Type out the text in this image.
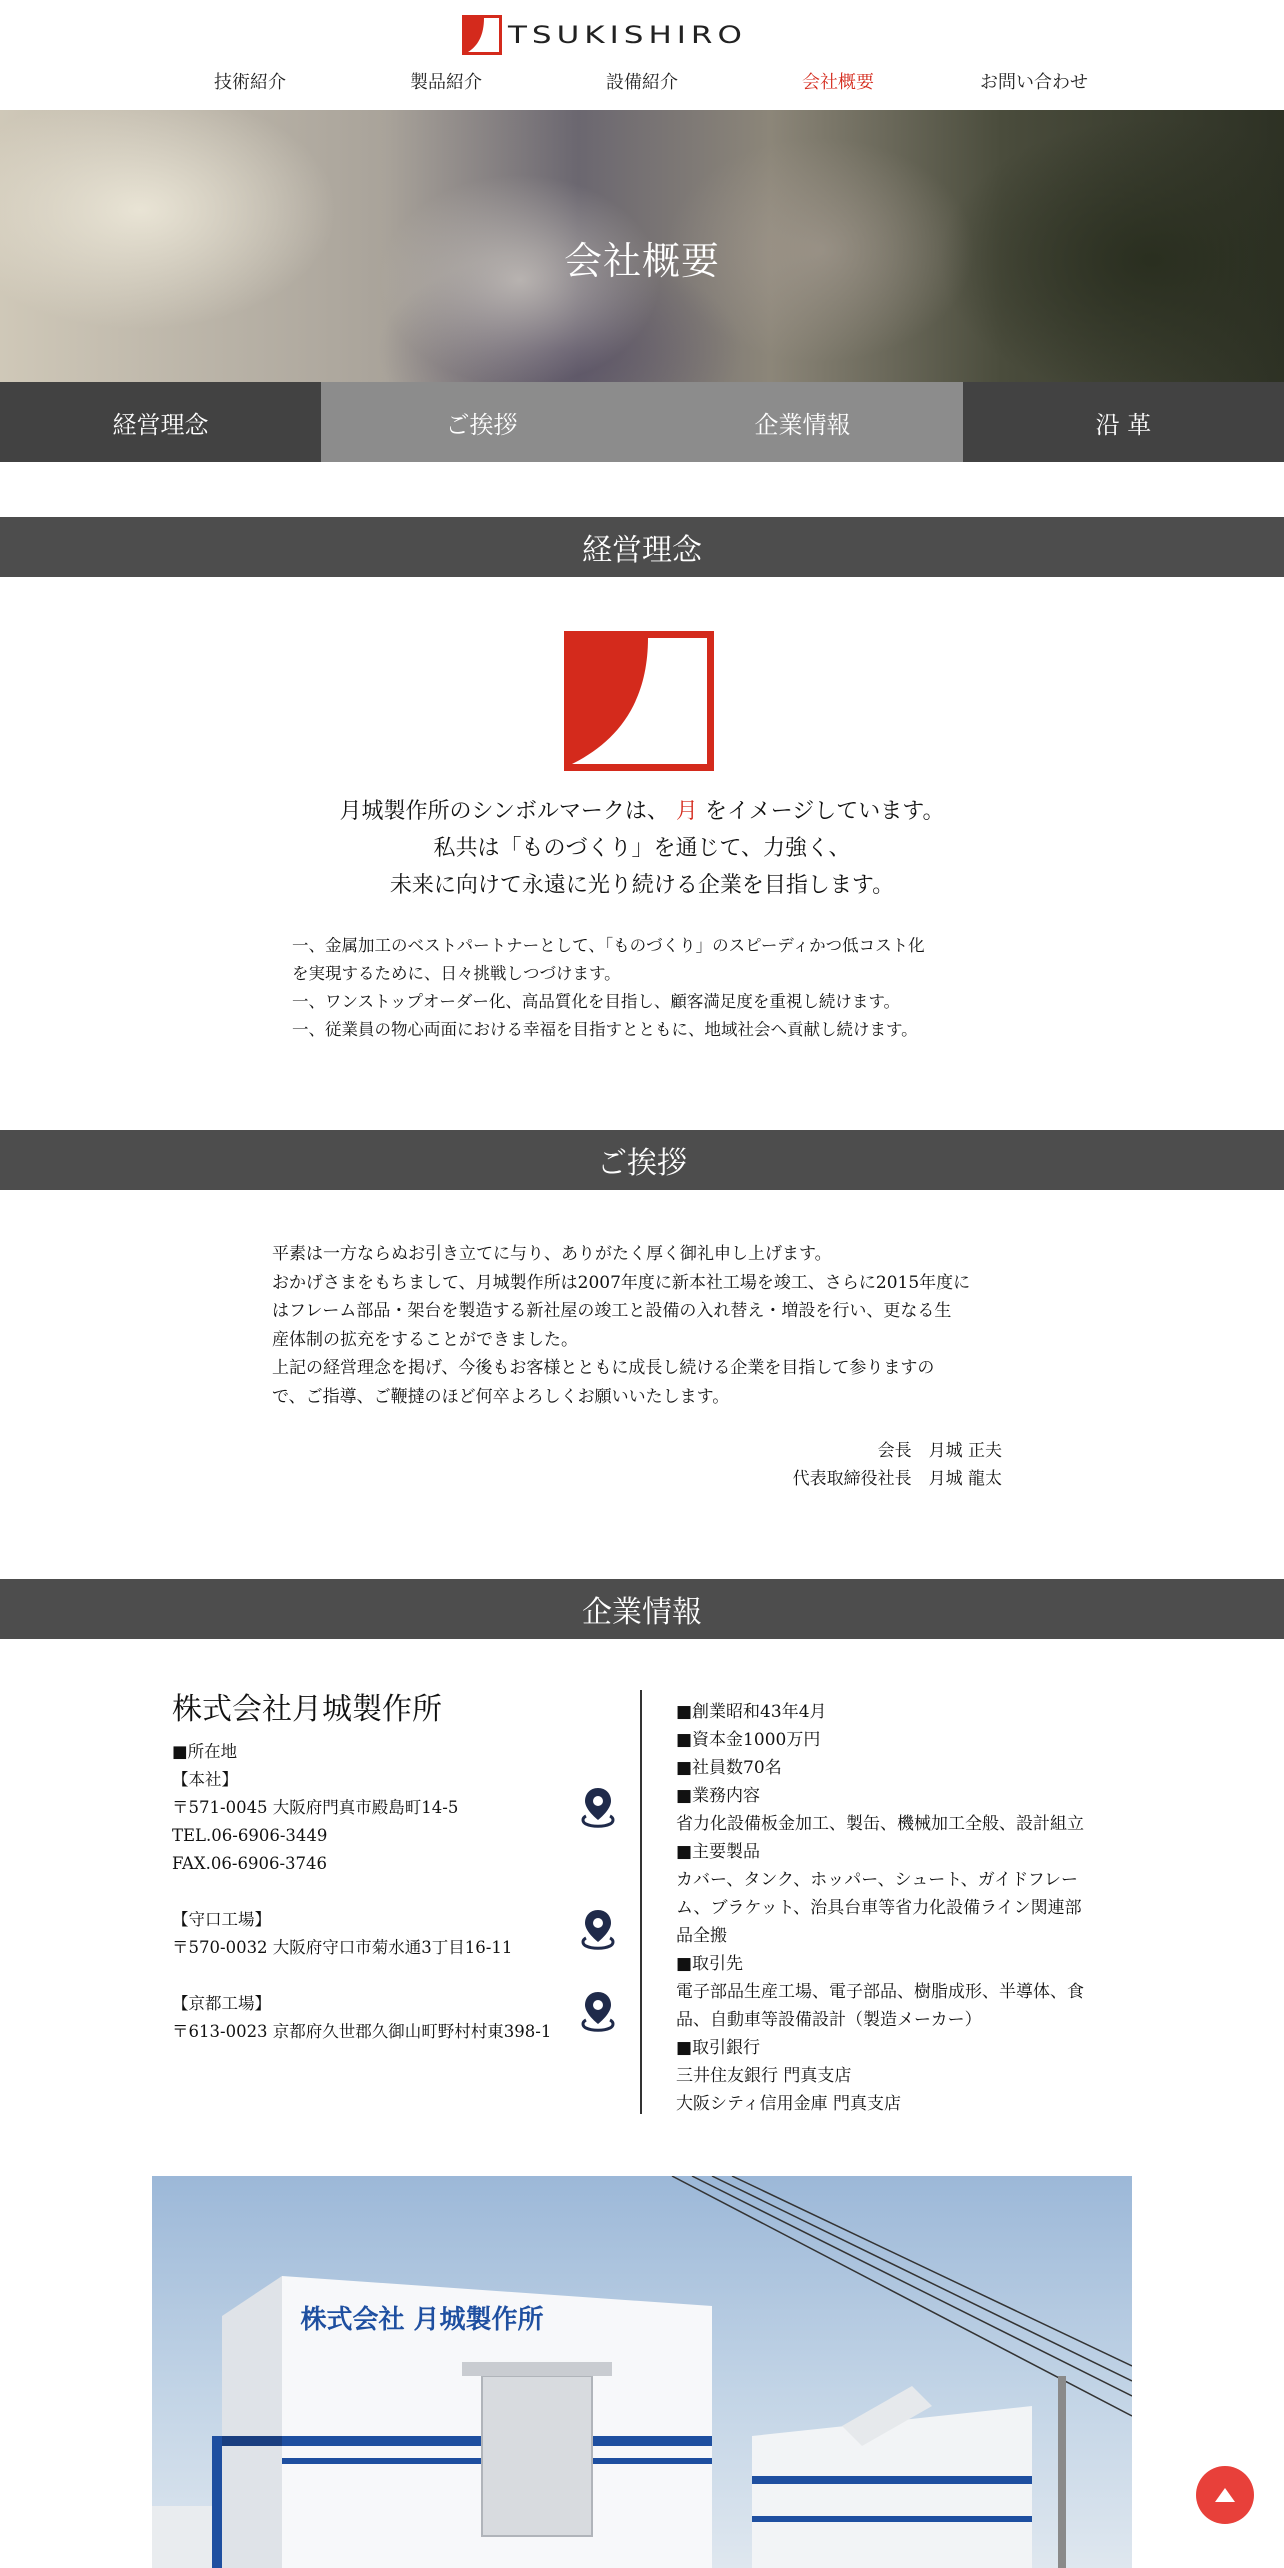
TSUKISHIRO
技術紹介	製品紹介	設備紹介	会社概要	お問い合わせ
会社概要
経営理念	ご挨拶	企業情報	沿 革
経営理念
月城製作所のシンボルマークは、 月 をイメージしています。
私共は「ものづくり」を通じて、力強く、
未来に向けて永遠に光り続ける企業を目指します。
一、金属加工のベストパートナーとして、「ものづくり」のスピーディかつ低コスト化
を実現するために、日々挑戦しつづけます。
一、ワンストップオーダー化、高品質化を目指し、顧客満足度を重視し続けます。
一、従業員の物心両面における幸福を目指すとともに、地域社会へ貢献し続けます。
ご挨拶
平素は一方ならぬお引き立てに与り、ありがたく厚く御礼申し上げます。
おかげさまをもちまして、月城製作所は2007年度に新本社工場を竣工、さらに2015年度に
はフレーム部品・架台を製造する新社屋の竣工と設備の入れ替え・増設を行い、更なる生
産体制の拡充をすることができました。
上記の経営理念を掲げ、今後もお客様とともに成長し続ける企業を目指して参りますの
で、ご指導、ご鞭撻のほど何卒よろしくお願いいたします。
会長　月城 正夫
代表取締役社長　月城 龍太
企業情報
株式会社月城製作所
■所在地
【本社】
〒571-0045 大阪府門真市殿島町14-5
TEL.06-6906-3449
FAX.06-6906-3746
【守口工場】
〒570-0032 大阪府守口市菊水通3丁目16-11
【京都工場】
〒613-0023 京都府久世郡久御山町野村村東398-1
■創業昭和43年4月
■資本金1000万円
■社員数70名
■業務内容
省力化設備板金加工、製缶、機械加工全般、設計組立
■主要製品
カバー、タンク、ホッパー、シュート、ガイドフレー
ム、ブラケット、治具台車等省力化設備ライン関連部
品全搬
■取引先
電子部品生産工場、電子部品、樹脂成形、半導体、食
品、自動車等設備設計（製造メーカー）
■取引銀行
三井住友銀行 門真支店
大阪シティ信用金庫 門真支店
株式会社 月城製作所
